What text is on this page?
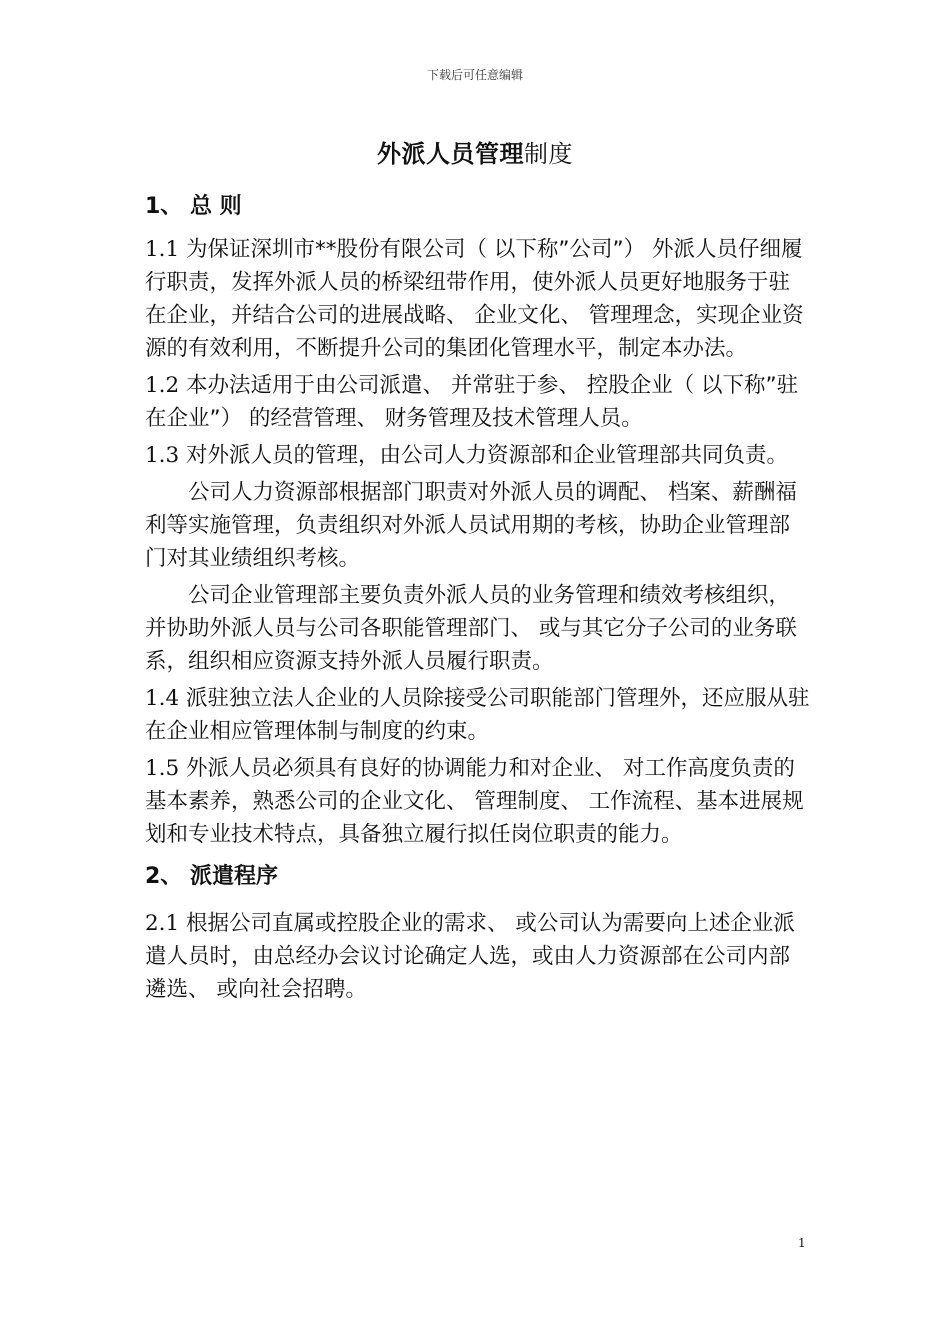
下载后可任意编辑
外派人员管理制度

1、 总 则

1.1 为保证深圳市**股份有限公司（ 以下称”公司”） 外派人员仔细履行职责，发挥外派人员的桥梁纽带作用，使外派人员更好地服务于驻在企业，并结合公司的进展战略、 企业文化、 管理理念，实现企业资源的有效利用，不断提升公司的集团化管理水平，制定本办法。

1.2 本办法适用于由公司派遣、 并常驻于参、 控股企业（ 以下称”驻在企业”） 的经营管理、 财务管理及技术管理人员。

1.3 对外派人员的管理，由公司人力资源部和企业管理部共同负责。

公司人力资源部根据部门职责对外派人员的调配、 档案、薪酬福利等实施管理，负责组织对外派人员试用期的考核，协助企业管理部门对其业绩组织考核。

公司企业管理部主要负责外派人员的业务管理和绩效考核组织，并协助外派人员与公司各职能管理部门、 或与其它分子公司的业务联系，组织相应资源支持外派人员履行职责。

1.4 派驻独立法人企业的人员除接受公司职能部门管理外，还应服从驻在企业相应管理体制与制度的约束。

1.5 外派人员必须具有良好的协调能力和对企业、 对工作高度负责的基本素养，熟悉公司的企业文化、 管理制度、 工作流程、基本进展规划和专业技术特点，具备独立履行拟任岗位职责的能力。

2、 派遣程序

2.1 根据公司直属或控股企业的需求、 或公司认为需要向上述企业派遣人员时，由总经办会议讨论确定人选，或由人力资源部在公司内部遴选、 或向社会招聘。

1
